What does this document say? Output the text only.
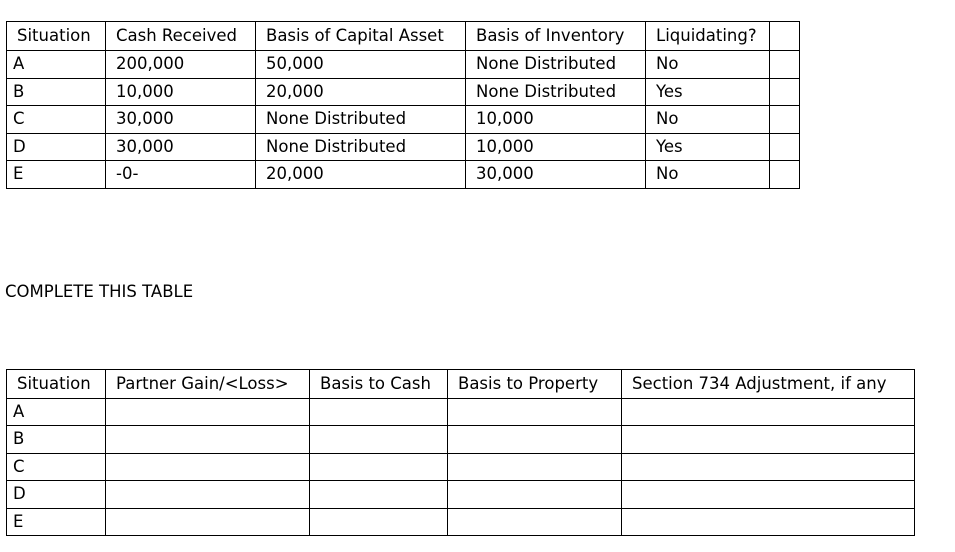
Situation	Cash Received	Basis of Capital Asset	Basis of Inventory	Liquidating?	
A	200,000	50,000	None Distributed	No	
B	10,000	20,000	None Distributed	Yes	
C	30,000	None Distributed	10,000	No	
D	30,000	None Distributed	10,000	Yes	
E	-0-	20,000	30,000	No	
COMPLETE THIS TABLE
Situation	Partner Gain/<Loss>	Basis to Cash	Basis to Property	Section 734 Adjustment, if any
A				
B				
C				
D				
E				
